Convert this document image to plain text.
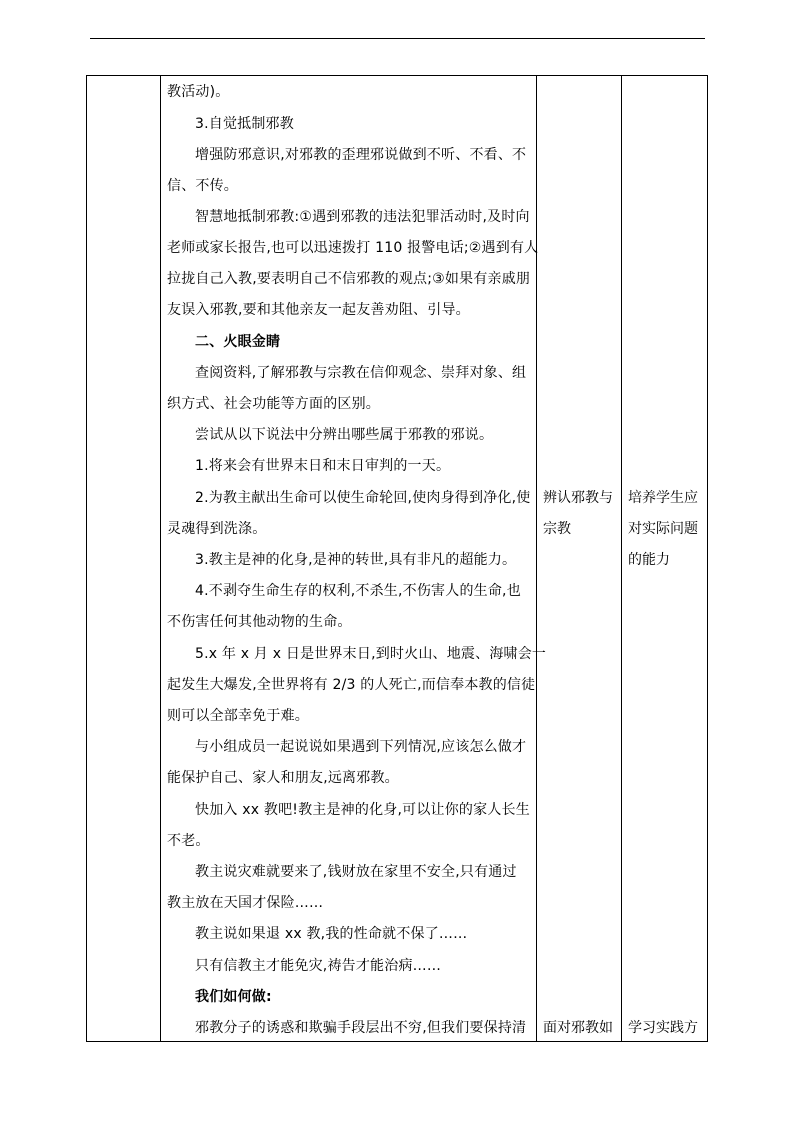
教活动)。
3.自觉抵制邪教
增强防邪意识,对邪教的歪理邪说做到不听、不看、不
信、不传。
智慧地抵制邪教:①遇到邪教的违法犯罪活动时,及时向
老师或家长报告,也可以迅速拨打 110 报警电话;②遇到有人
拉拢自己入教,要表明自己不信邪教的观点;③如果有亲戚朋
友误入邪教,要和其他亲友一起友善劝阻、引导。
二、火眼金睛
查阅资料,了解邪教与宗教在信仰观念、崇拜对象、组
织方式、社会功能等方面的区别。
尝试从以下说法中分辨出哪些属于邪教的邪说。
1.将来会有世界末日和末日审判的一天。
2.为教主献出生命可以使生命轮回,使肉身得到净化,使
灵魂得到洗涤。
3.教主是神的化身,是神的转世,具有非凡的超能力。
4.不剥夺生命生存的权利,不杀生,不伤害人的生命,也
不伤害任何其他动物的生命。
5.x 年 x 月 x 日是世界末日,到时火山、地震、海啸会一
起发生大爆发,全世界将有 2/3 的人死亡,而信奉本教的信徒
则可以全部幸免于难。
与小组成员一起说说如果遇到下列情况,应该怎么做才
能保护自己、家人和朋友,远离邪教。
快加入 xx 教吧!教主是神的化身,可以让你的家人长生
不老。
教主说灾难就要来了,钱财放在家里不安全,只有通过
教主放在天国才保险……
教主说如果退 xx 教,我的性命就不保了……
只有信教主才能免灾,祷告才能治病……
我们如何做:
邪教分子的诱惑和欺骗手段层出不穷,但我们要保持清
辨认邪教与
宗教
面对邪教如
培养学生应
对实际问题
的能力
学习实践方
